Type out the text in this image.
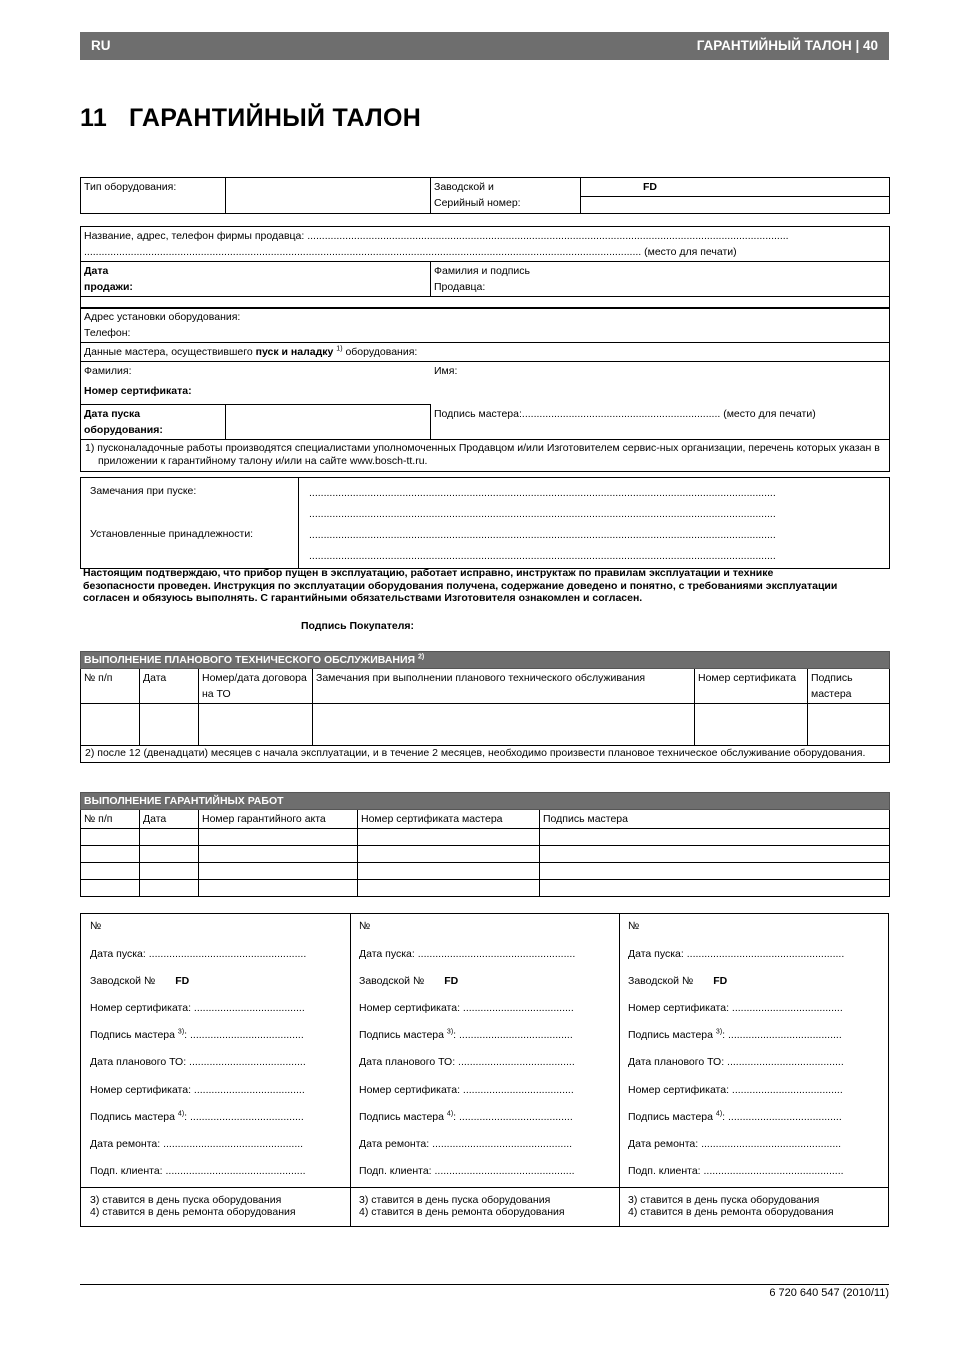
RU	ГАРАНТИЙНЫЙ ТАЛОН | 40
11 ГАРАНТИЙНЫЙ ТАЛОН
Тип оборудования:		Заводской и
Серийный номер:	FD

Название, адрес, телефон фирмы продавца: .....................................................................................................................................................................
............................................................................................................................................................................................... (место для печати)

Дата
продажи:	Фамилия и подпись
Продавца:

Адрес установки оборудования:
Телефон:
Данные мастера, осуществившего пуск и наладку $^{1)}$ оборудования:

Фамилия:
Номер сертификата:
Имя:

Дата пуска
оборудования:		Подпись мастера:.................................................................... (место для печати)
1) пусконаладочные работы производятся специалистами уполномоченных Продавцом и/или Изготовителем сервис-ных организации, перечень которых указан в приложении к гарантийному талону и/или на сайте www.bosch-tt.ru.
Замечания при пуске:
Установленные принадлежности:

................................................................................................................................................................
................................................................................................................................................................
................................................................................................................................................................
................................................................................................................................................................
Настоящим подтверждаю, что прибор пущен в эксплуатацию, работает исправно, инструктаж по правилам эксплуатации и технике безопасности проведен. Инструкция по эксплуатации оборудования получена, содержание доведено и понятно, с требованиями эксплуатации согласен и обязуюсь выполнять. С гарантийными обязательствами Изготовителя ознакомлен и согласен.
Подпись Покупателя:
ВЫПОЛНЕНИЕ ПЛАНОВОГО ТЕХНИЧЕСКОГО ОБСЛУЖИВАНИЯ $^{2)}$
№ п/п	Дата	Номер/дата договора на ТО	Замечания при выполнении планового технического обслуживания	Номер сертификата	Подпись мастера

2) после 12 (двенадцати) месяцев с начала эксплуатации, и в течение 2 месяцев, необходимо произвести плановое техническое обслуживание оборудования.					
ВЫПОЛНЕНИЕ ГАРАНТИЙНЫХ РАБОТ				
№ п/п	Дата	Номер гарантийного акта	Номер сертификата мастера	Подпись мастера

№
Дата пуска: ......................................................
Заводской № FD
Номер сертификата: ......................................
Подпись мастера $^{3)}$: .......................................
Дата планового ТО: ........................................
Номер сертификата: ......................................
Подпись мастера $^{4)}$: .......................................
Дата ремонта: ................................................
Подп. клиента: ................................................
3) ставится в день пуска оборудования
4) ставится в день ремонта оборудования
№
Дата пуска: ......................................................
Заводской № FD
Номер сертификата: ......................................
Подпись мастера $^{3)}$: .......................................
Дата планового ТО: ........................................
Номер сертификата: ......................................
Подпись мастера $^{4)}$: .......................................
Дата ремонта: ................................................
Подп. клиента: ................................................
3) ставится в день пуска оборудования
4) ставится в день ремонта оборудования
№
Дата пуска: ......................................................
Заводской № FD
Номер сертификата: ......................................
Подпись мастера $^{3)}$: .......................................
Дата планового ТО: ........................................
Номер сертификата: ......................................
Подпись мастера $^{4)}$: .......................................
Дата ремонта: ................................................
Подп. клиента: ................................................
3) ставится в день пуска оборудования
4) ставится в день ремонта оборудования
6 720 640 547 (2010/11)
